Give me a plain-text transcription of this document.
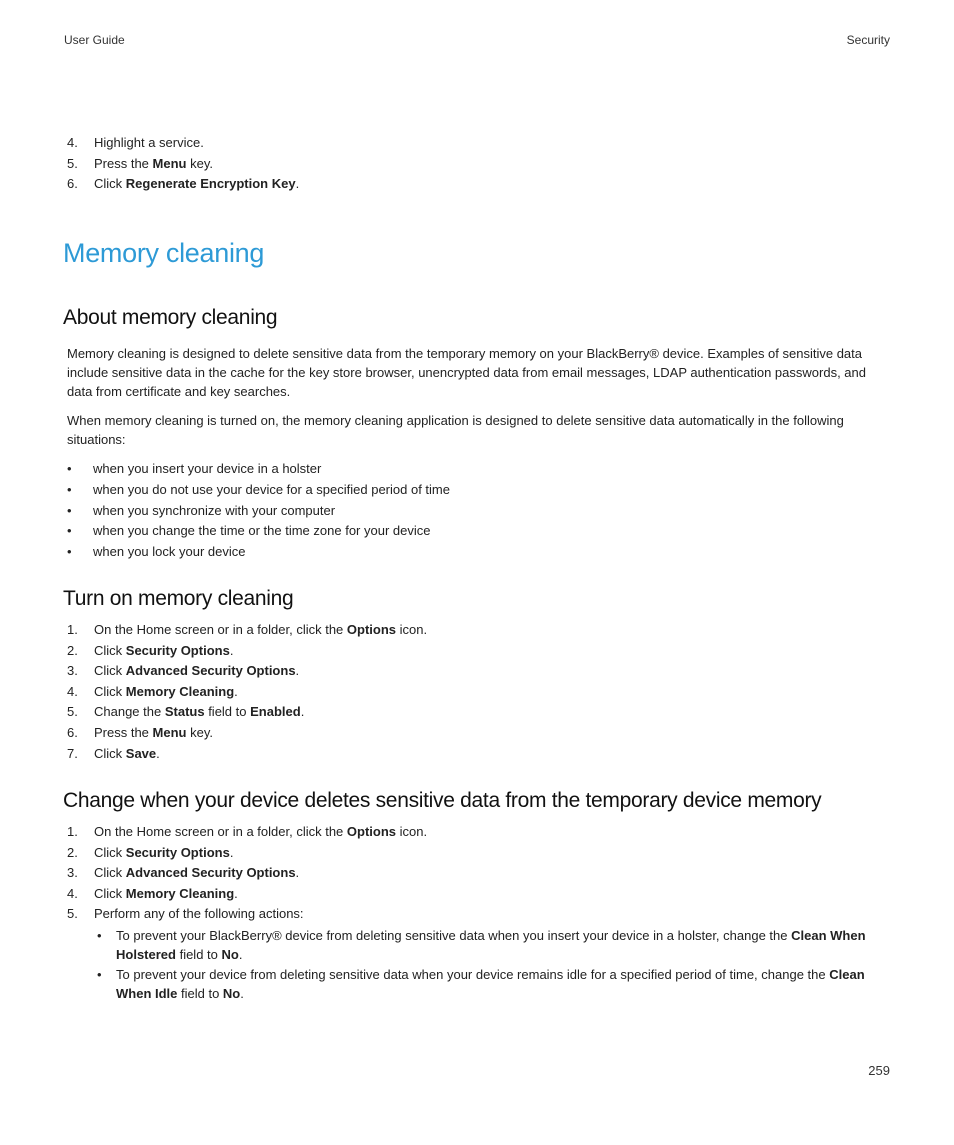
User Guide	Security
4. Highlight a service.
5. Press the Menu key.
6. Click Regenerate Encryption Key.
Memory cleaning
About memory cleaning

Memory cleaning is designed to delete sensitive data from the temporary memory on your BlackBerry® device. Examples of sensitive data include sensitive data in the cache for the key store browser, unencrypted data from email messages, LDAP authentication passwords, and data from certificate and key searches.

When memory cleaning is turned on, the memory cleaning application is designed to delete sensitive data automatically in the following situations:

• when you insert your device in a holster
• when you do not use your device for a specified period of time
• when you synchronize with your computer
• when you change the time or the time zone for your device
• when you lock your device
Turn on memory cleaning
1. On the Home screen or in a folder, click the Options icon.
2. Click Security Options.
3. Click Advanced Security Options.
4. Click Memory Cleaning.
5. Change the Status field to Enabled.
6. Press the Menu key.
7. Click Save.
Change when your device deletes sensitive data from the temporary device memory
1. On the Home screen or in a folder, click the Options icon.
2. Click Security Options.
3. Click Advanced Security Options.
4. Click Memory Cleaning.
5. Perform any of the following actions:
• To prevent your BlackBerry® device from deleting sensitive data when you insert your device in a holster, change the Clean When Holstered field to No.
• To prevent your device from deleting sensitive data when your device remains idle for a specified period of time, change the Clean When Idle field to No.
259
